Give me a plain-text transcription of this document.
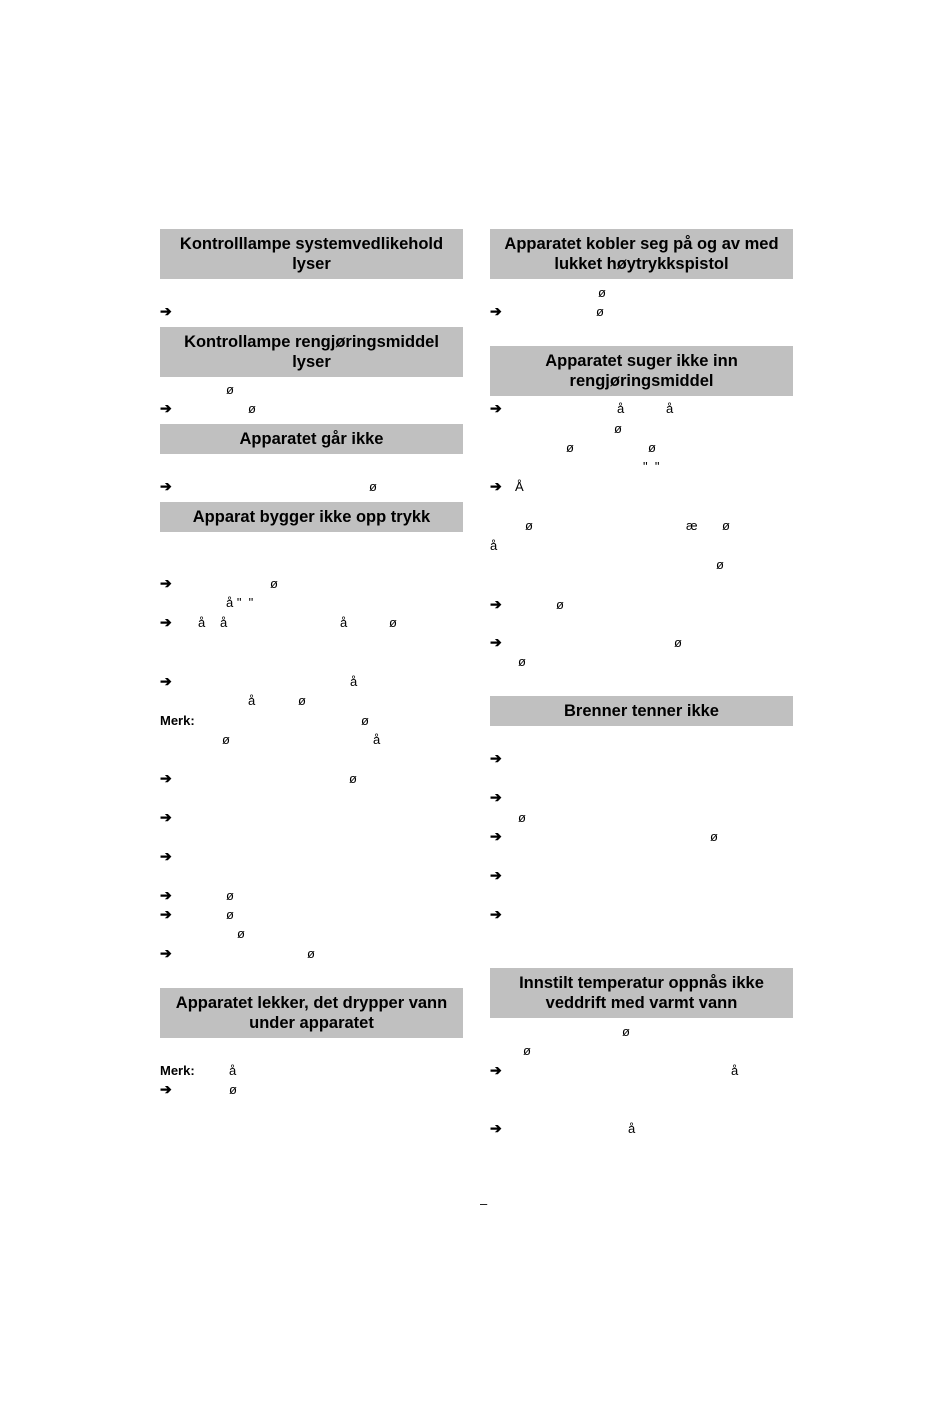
Kontrolllampe systemvedlikehold lyser
➔
Kontrollampe rengjøringsmiddel lyser
ø
➔	ø
Apparatet går ikke
➔	ø
Apparat bygger ikke opp trykk
➔	ø
å "  "
➔ å å	å	ø
➔	å
å	ø
Merk:	ø
ø	å
➔	ø
➔
➔
➔	ø
➔	ø
ø
➔	ø
Apparatet lekker, det drypper vann under apparatet
Merk:	å
➔	ø
Apparatet kobler seg på og av med lukket høytrykkspistol
ø
➔	ø
Apparatet suger ikke inn rengjøringsmiddel
➔	å	å
ø
ø	ø
"  "
➔ Å
ø	æ ø
å
ø
➔	ø
➔	ø
ø
Brenner tenner ikke
➔
➔
ø
➔	ø
➔
➔
Innstilt temperatur oppnås ikke veddrift med varmt vann
ø
ø
➔	å
➔	å
–
